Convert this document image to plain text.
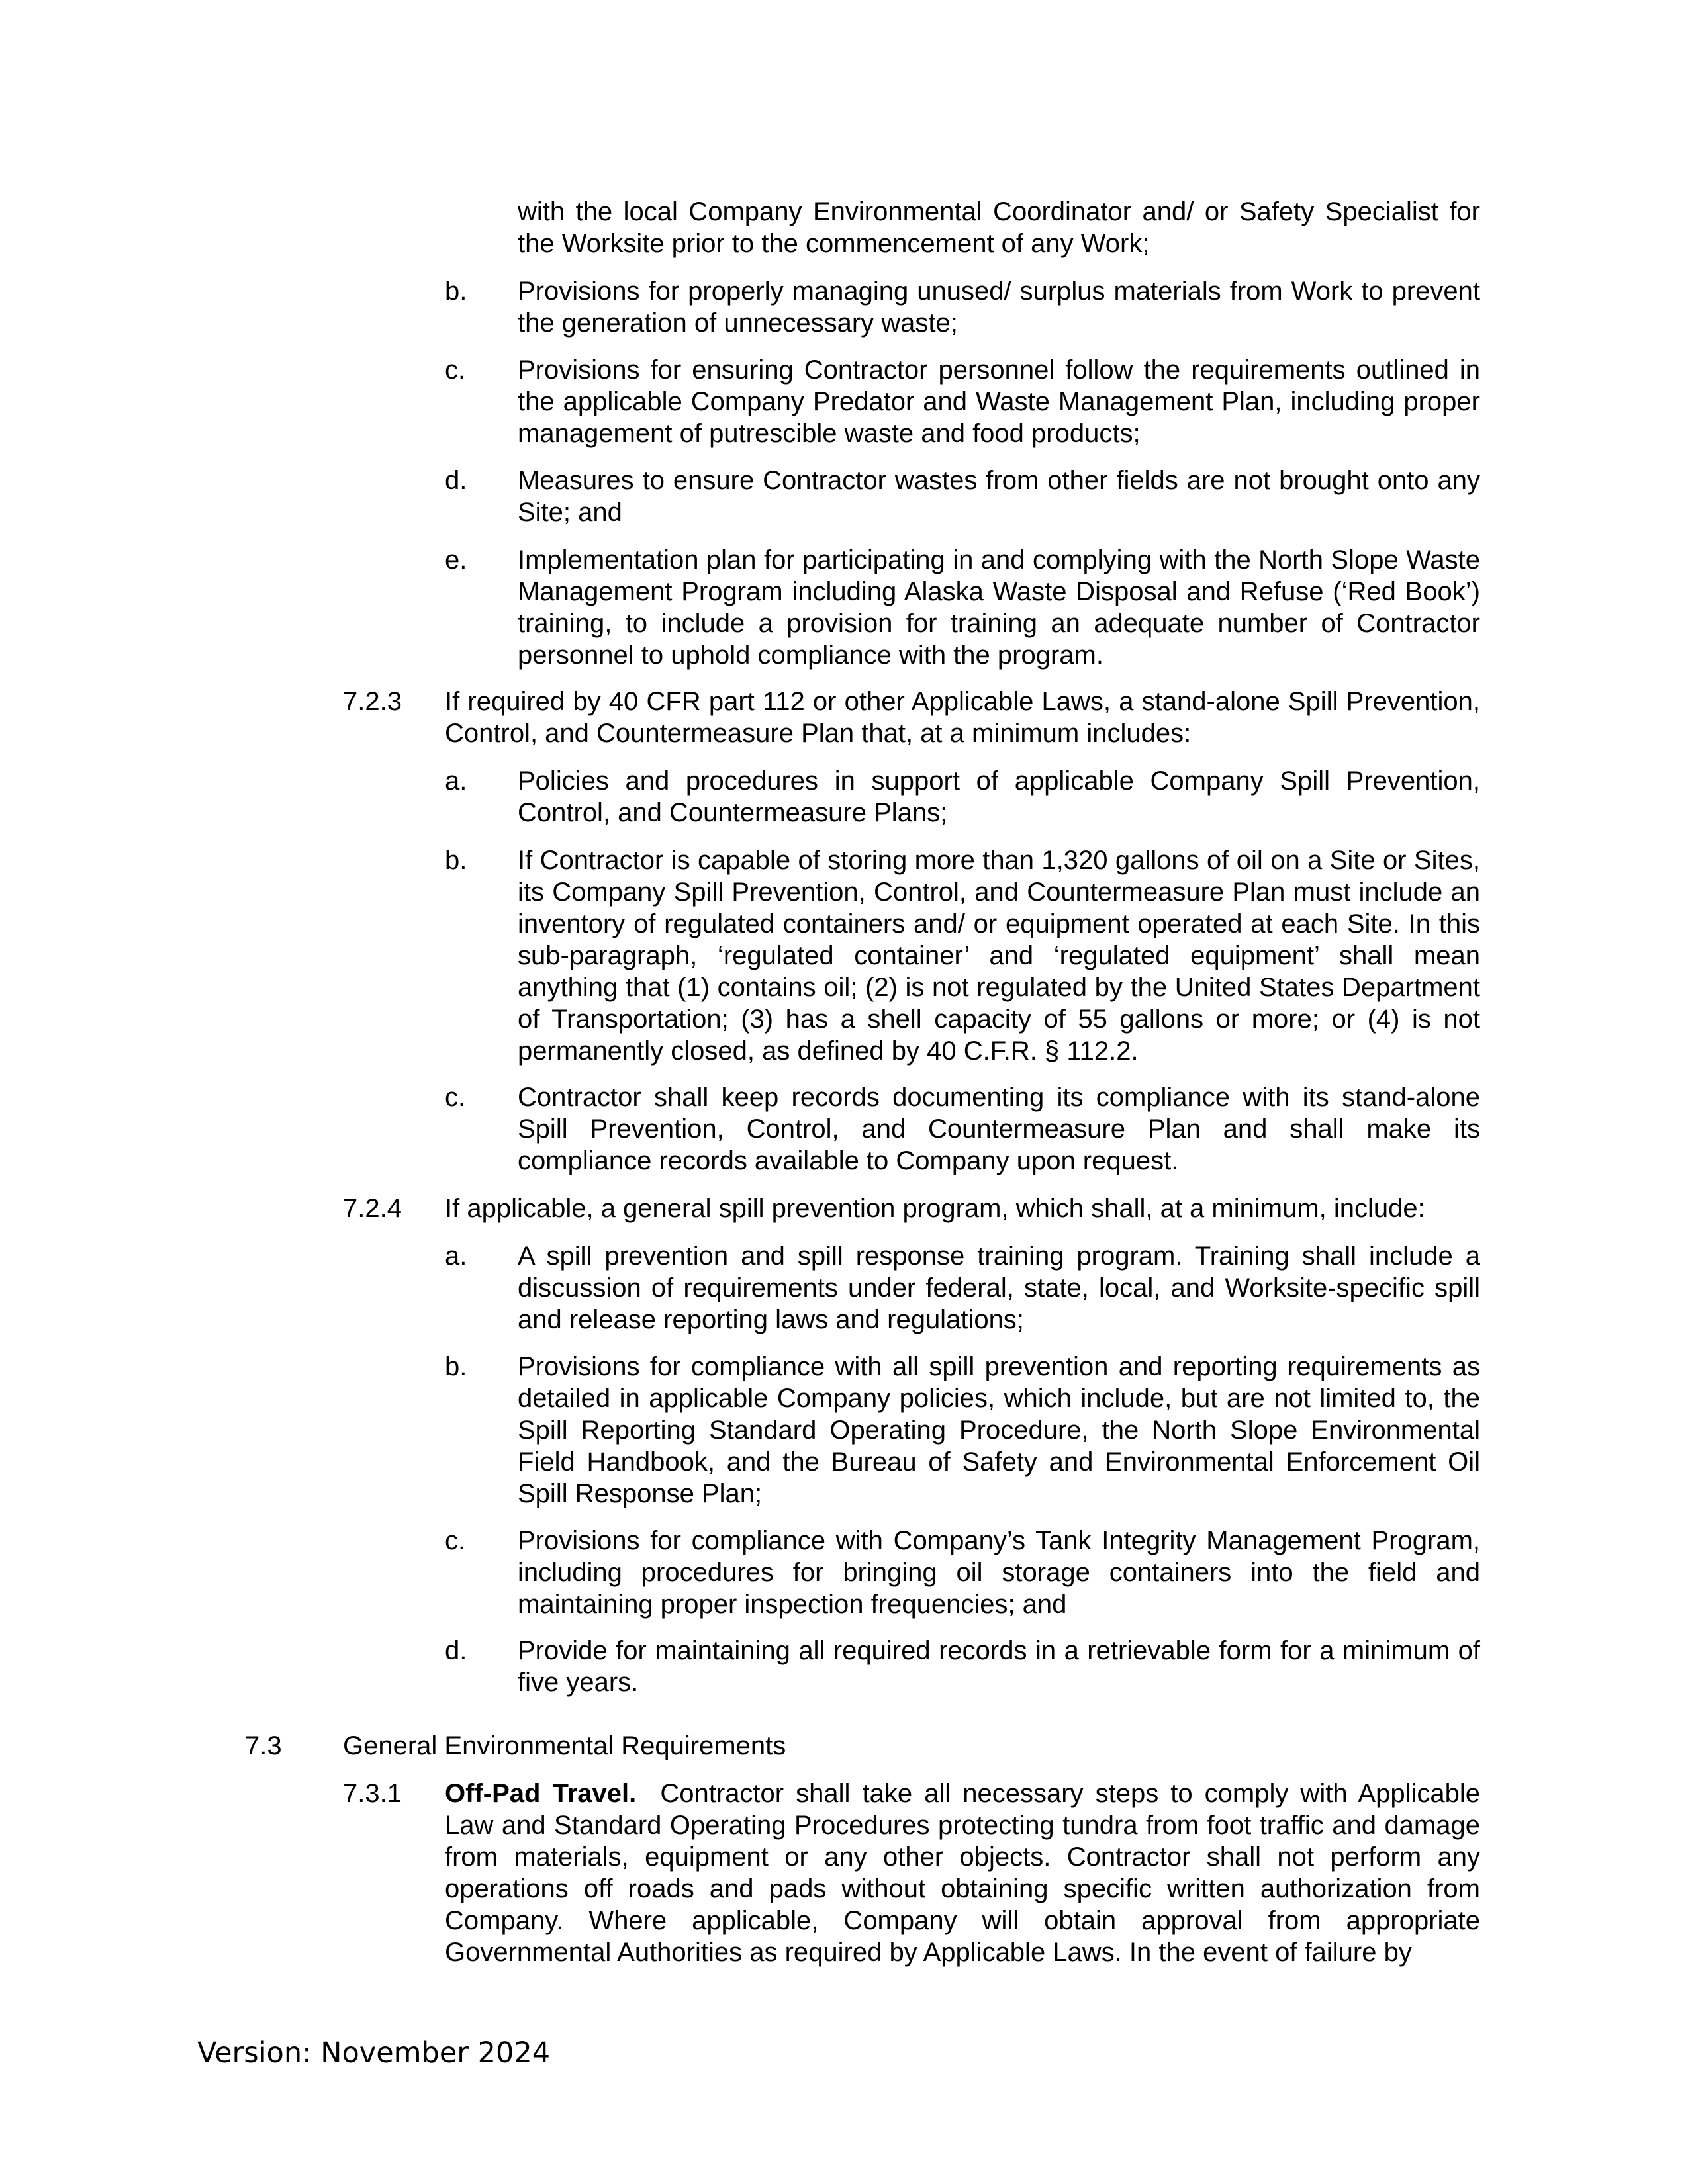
with the local Company Environmental Coordinator and/ or Safety Specialist for the Worksite prior to the commencement of any Work;
b. Provisions for properly managing unused/ surplus materials from Work to prevent the generation of unnecessary waste;
c. Provisions for ensuring Contractor personnel follow the requirements outlined in the applicable Company Predator and Waste Management Plan, including proper management of putrescible waste and food products;
d. Measures to ensure Contractor wastes from other fields are not brought onto any Site; and
e. Implementation plan for participating in and complying with the North Slope Waste Management Program including Alaska Waste Disposal and Refuse (‘Red Book’) training, to include a provision for training an adequate number of Contractor personnel to uphold compliance with the program.
7.2.3 If required by 40 CFR part 112 or other Applicable Laws, a stand-alone Spill Prevention, Control, and Countermeasure Plan that, at a minimum includes:
a. Policies and procedures in support of applicable Company Spill Prevention, Control, and Countermeasure Plans;
b. If Contractor is capable of storing more than 1,320 gallons of oil on a Site or Sites, its Company Spill Prevention, Control, and Countermeasure Plan must include an inventory of regulated containers and/ or equipment operated at each Site. In this sub-paragraph, ‘regulated container’ and ‘regulated equipment’ shall mean anything that (1) contains oil; (2) is not regulated by the United States Department of Transportation; (3) has a shell capacity of 55 gallons or more; or (4) is not permanently closed, as defined by 40 C.F.R. § 112.2.
c. Contractor shall keep records documenting its compliance with its stand-alone Spill Prevention, Control, and Countermeasure Plan and shall make its compliance records available to Company upon request.
7.2.4 If applicable, a general spill prevention program, which shall, at a minimum, include:
a. A spill prevention and spill response training program. Training shall include a discussion of requirements under federal, state, local, and Worksite-specific spill and release reporting laws and regulations;
b. Provisions for compliance with all spill prevention and reporting requirements as detailed in applicable Company policies, which include, but are not limited to, the Spill Reporting Standard Operating Procedure, the North Slope Environmental Field Handbook, and the Bureau of Safety and Environmental Enforcement Oil Spill Response Plan;
c. Provisions for compliance with Company’s Tank Integrity Management Program, including procedures for bringing oil storage containers into the field and maintaining proper inspection frequencies; and
d. Provide for maintaining all required records in a retrievable form for a minimum of five years.
7.3 General Environmental Requirements
7.3.1 Off-Pad Travel. Contractor shall take all necessary steps to comply with Applicable Law and Standard Operating Procedures protecting tundra from foot traffic and damage from materials, equipment or any other objects. Contractor shall not perform any operations off roads and pads without obtaining specific written authorization from Company. Where applicable, Company will obtain approval from appropriate Governmental Authorities as required by Applicable Laws. In the event of failure by
Version: November 2024
